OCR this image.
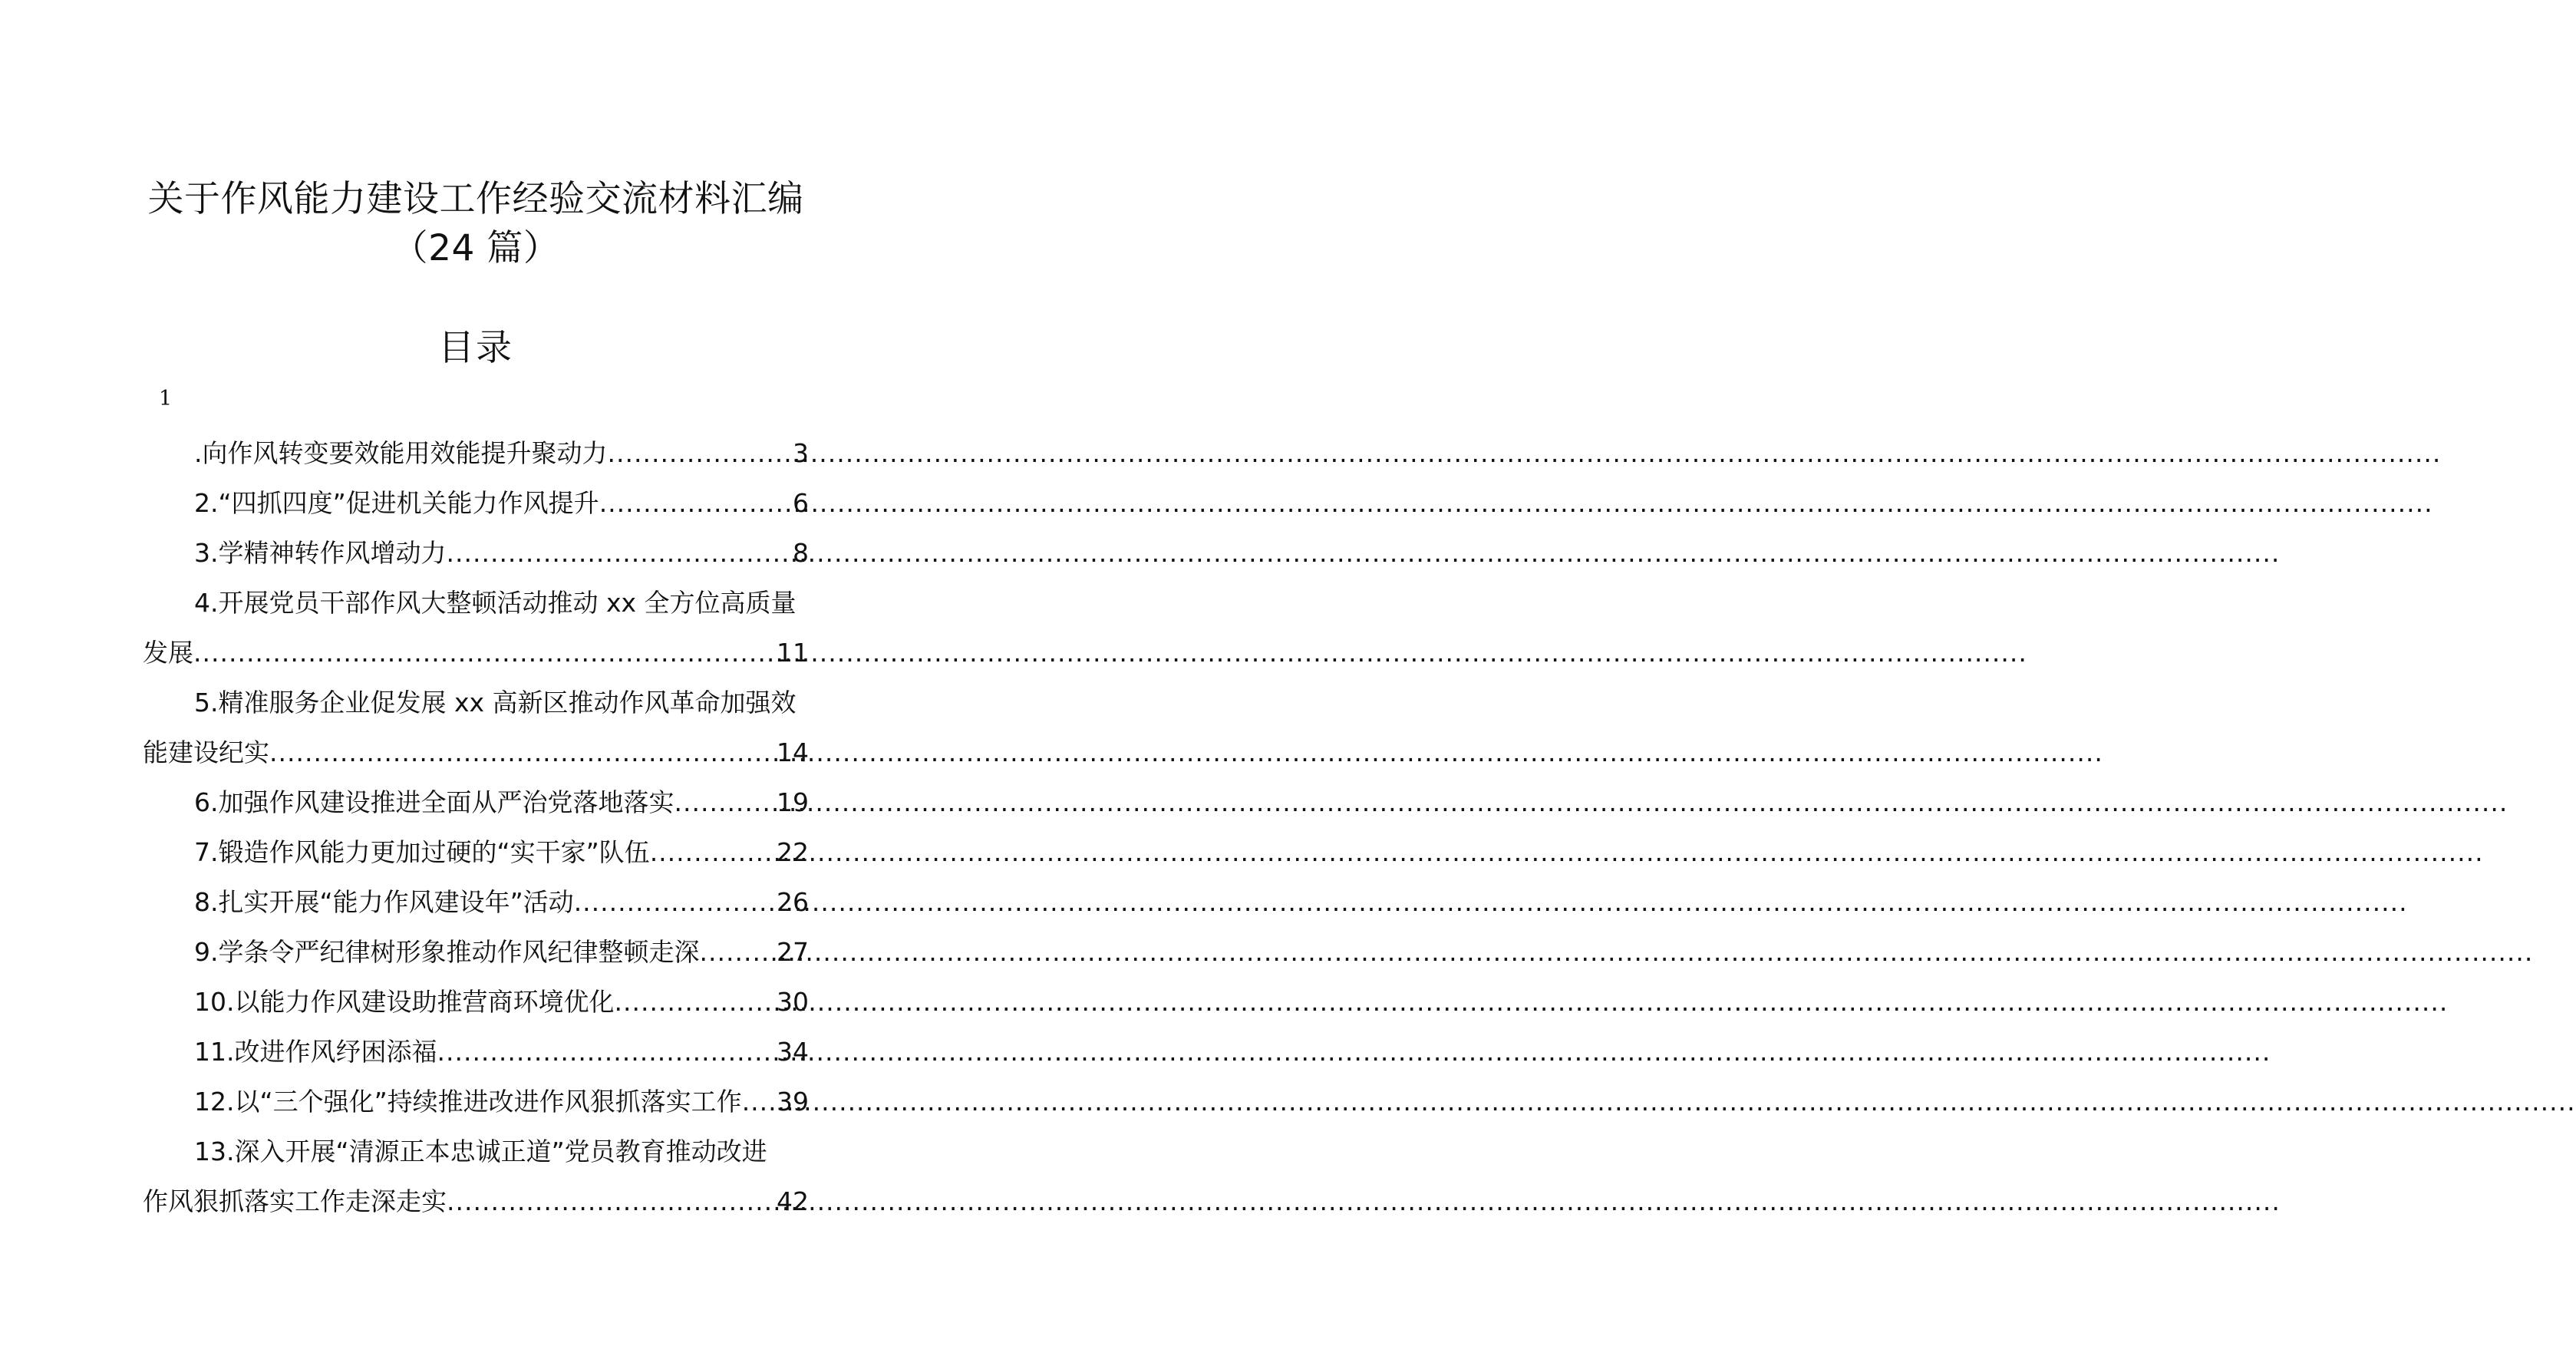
关于作风能力建设工作经验交流材料汇编
（24 篇）
目录
1
.向作风转变要效能用效能提升聚动力 .....	3
2.“四抓四度”促进机关能力作风提升 .....	6
3.学精神转作风增动力 .....	8
4.开展党员干部作风大整顿活动推动 xx 全方位高质量
发展 .....	11
5.精准服务企业促发展 xx 高新区推动作风革命加强效
能建设纪实 .....	14
6.加强作风建设推进全面从严治党落地落实 .....	19
7.锻造作风能力更加过硬的“实干家”队伍 .....	22
8.扎实开展“能力作风建设年”活动 .....	26
9.学条令严纪律树形象推动作风纪律整顿走深 .....	27
10.以能力作风建设助推营商环境优化 .....	30
11.改进作风纾困添福 .....	34
12.以“三个强化”持续推进改进作风狠抓落实工作 ..... 39
13.深入开展“清源正本忠诚正道”党员教育推动改进
作风狠抓落实工作走深走实 .....	42
